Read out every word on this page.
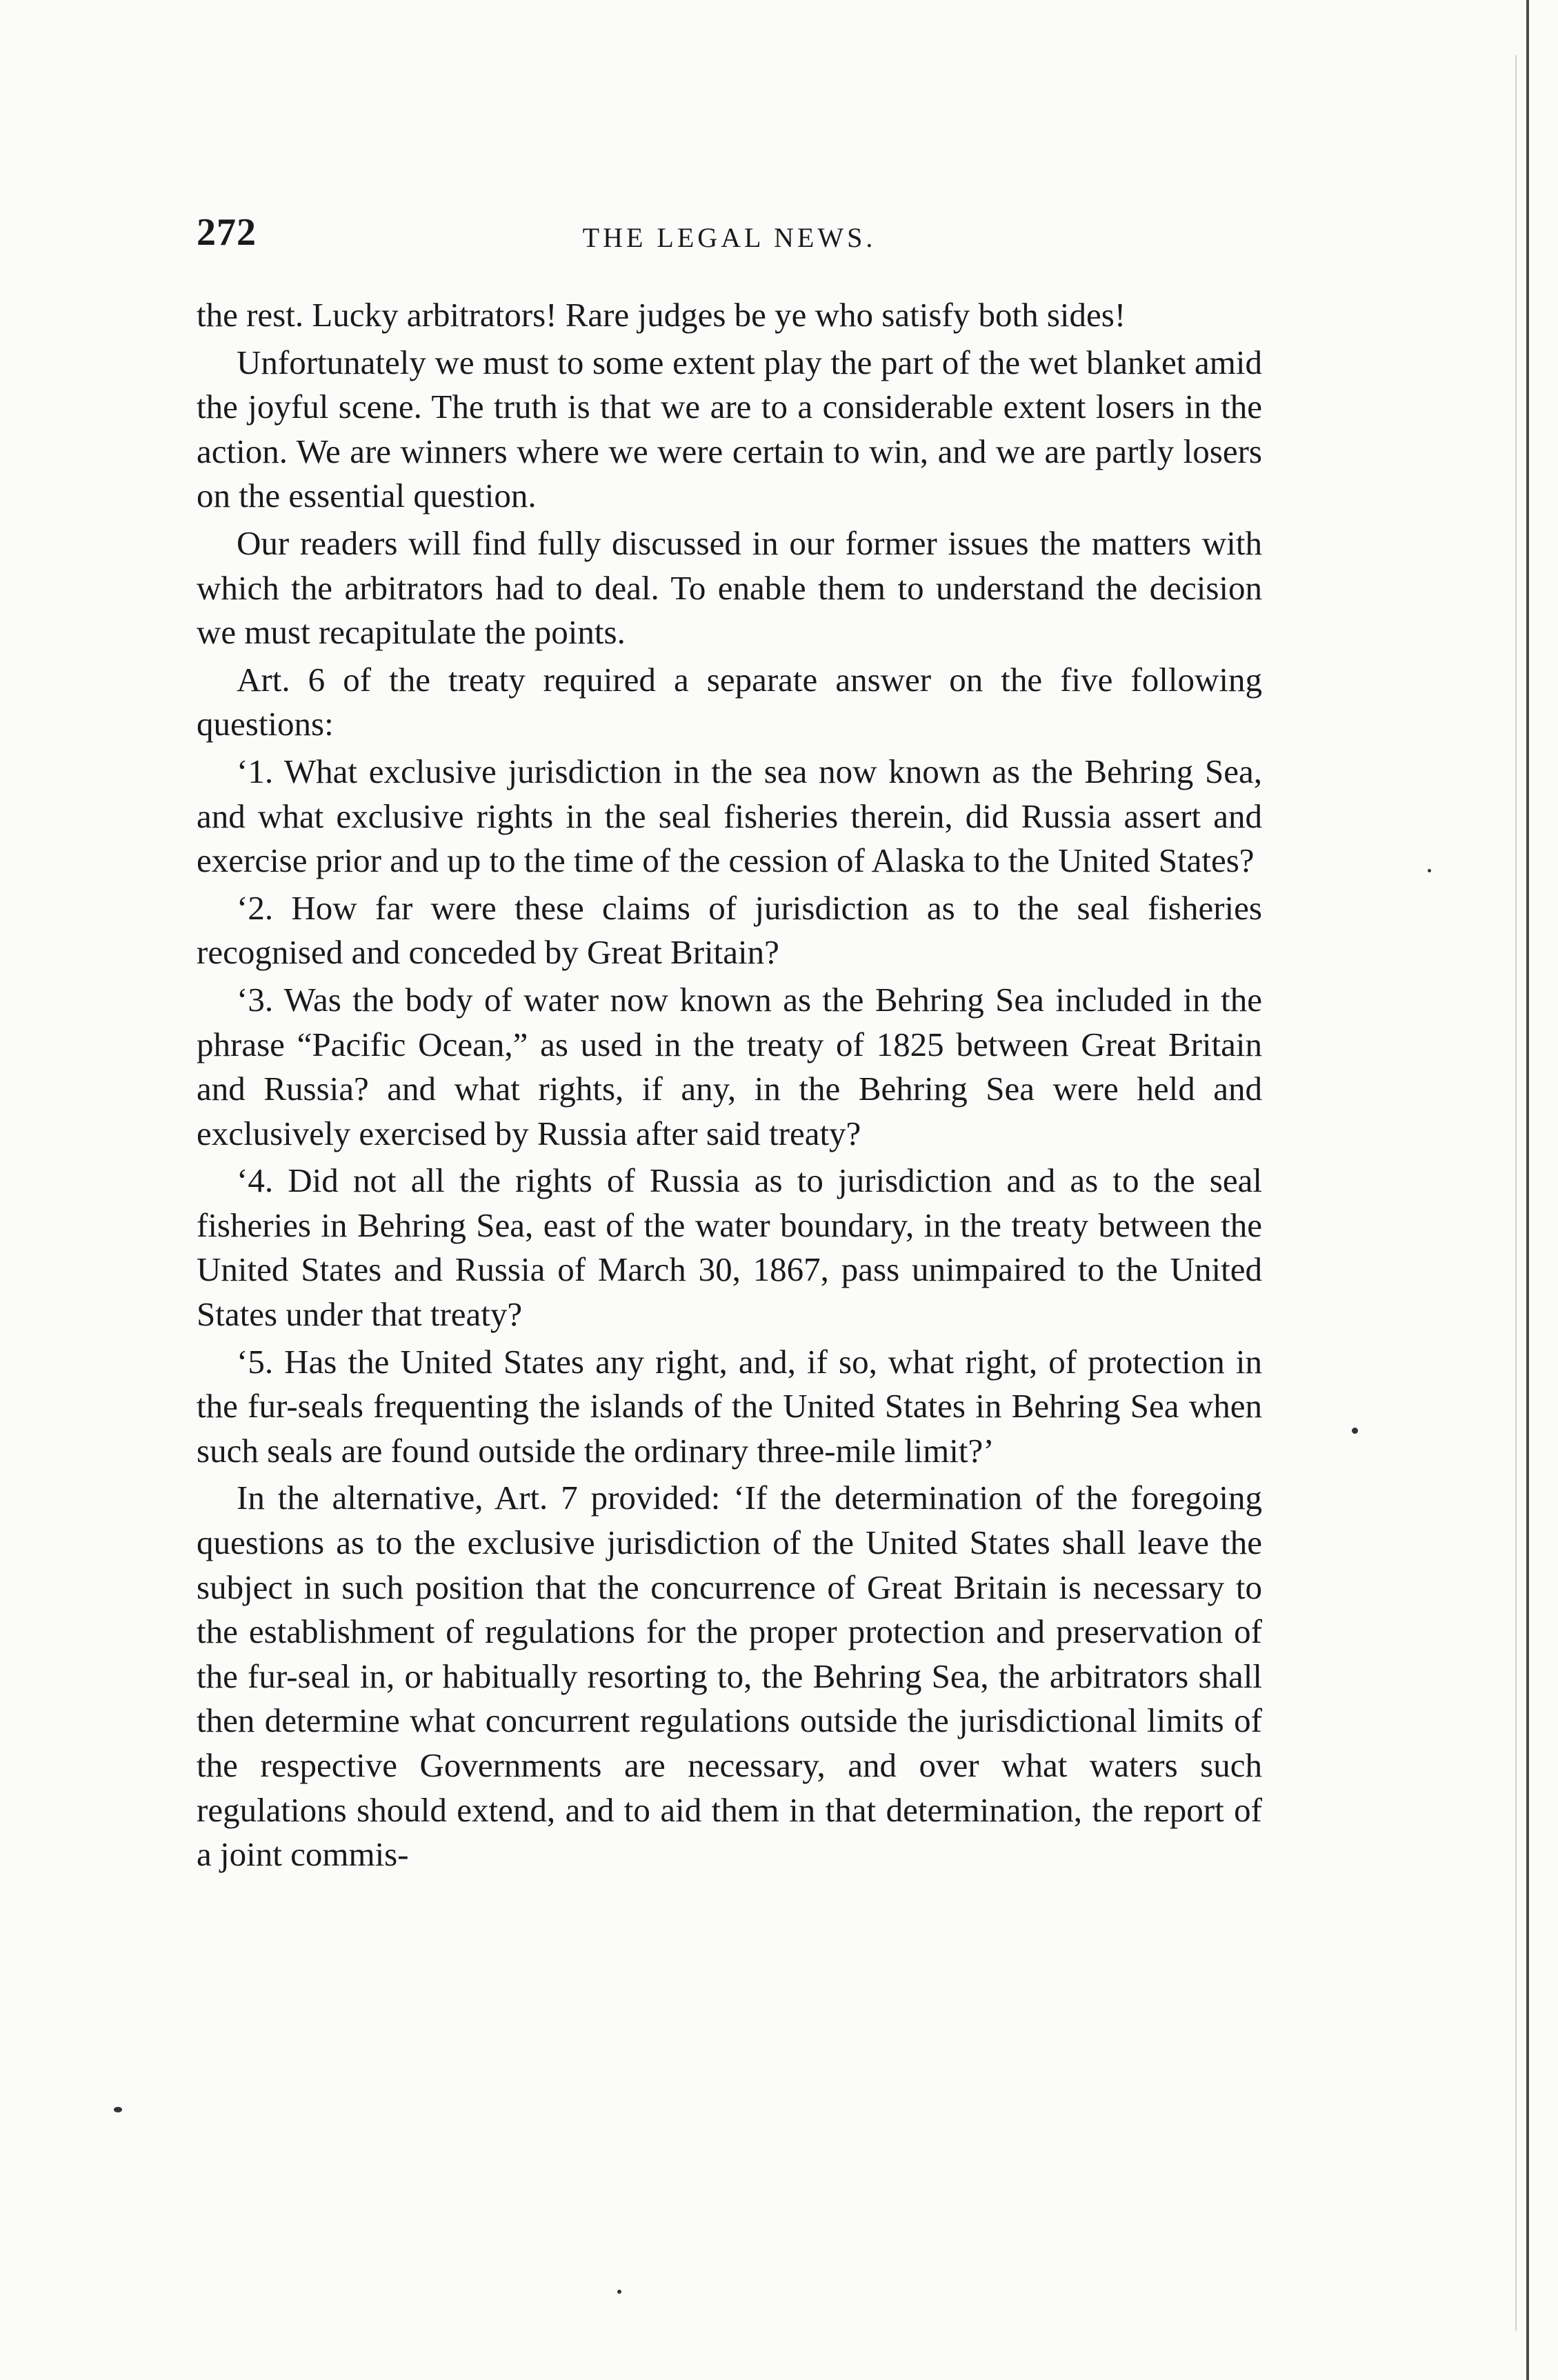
272	THE LEGAL NEWS.

the rest. Lucky arbitrators! Rare judges be ye who satisfy both sides!

Unfortunately we must to some extent play the part of the wet blanket amid the joyful scene. The truth is that we are to a considerable extent losers in the action. We are winners where we were certain to win, and we are partly losers on the essential question.

Our readers will find fully discussed in our former issues the matters with which the arbitrators had to deal. To enable them to understand the decision we must recapitulate the points.

Art. 6 of the treaty required a separate answer on the five following questions:

‘1. What exclusive jurisdiction in the sea now known as the Behring Sea, and what exclusive rights in the seal fisheries therein, did Russia assert and exercise prior and up to the time of the cession of Alaska to the United States?

‘2. How far were these claims of jurisdiction as to the seal fisheries recognised and conceded by Great Britain?

‘3. Was the body of water now known as the Behring Sea included in the phrase “Pacific Ocean,” as used in the treaty of 1825 between Great Britain and Russia? and what rights, if any, in the Behring Sea were held and exclusively exercised by Russia after said treaty?

‘4. Did not all the rights of Russia as to jurisdiction and as to the seal fisheries in Behring Sea, east of the water boundary, in the treaty between the United States and Russia of March 30, 1867, pass unimpaired to the United States under that treaty?

‘5. Has the United States any right, and, if so, what right, of protection in the fur-seals frequenting the islands of the United States in Behring Sea when such seals are found outside the ordinary three-mile limit?’

In the alternative, Art. 7 provided: ‘If the determination of the foregoing questions as to the exclusive jurisdiction of the United States shall leave the subject in such position that the concurrence of Great Britain is necessary to the establishment of regulations for the proper protection and preservation of the fur-seal in, or habitually resorting to, the Behring Sea, the arbitrators shall then determine what concurrent regulations outside the jurisdictional limits of the respective Governments are necessary, and over what waters such regulations should extend, and to aid them in that determination, the report of a joint commis-
